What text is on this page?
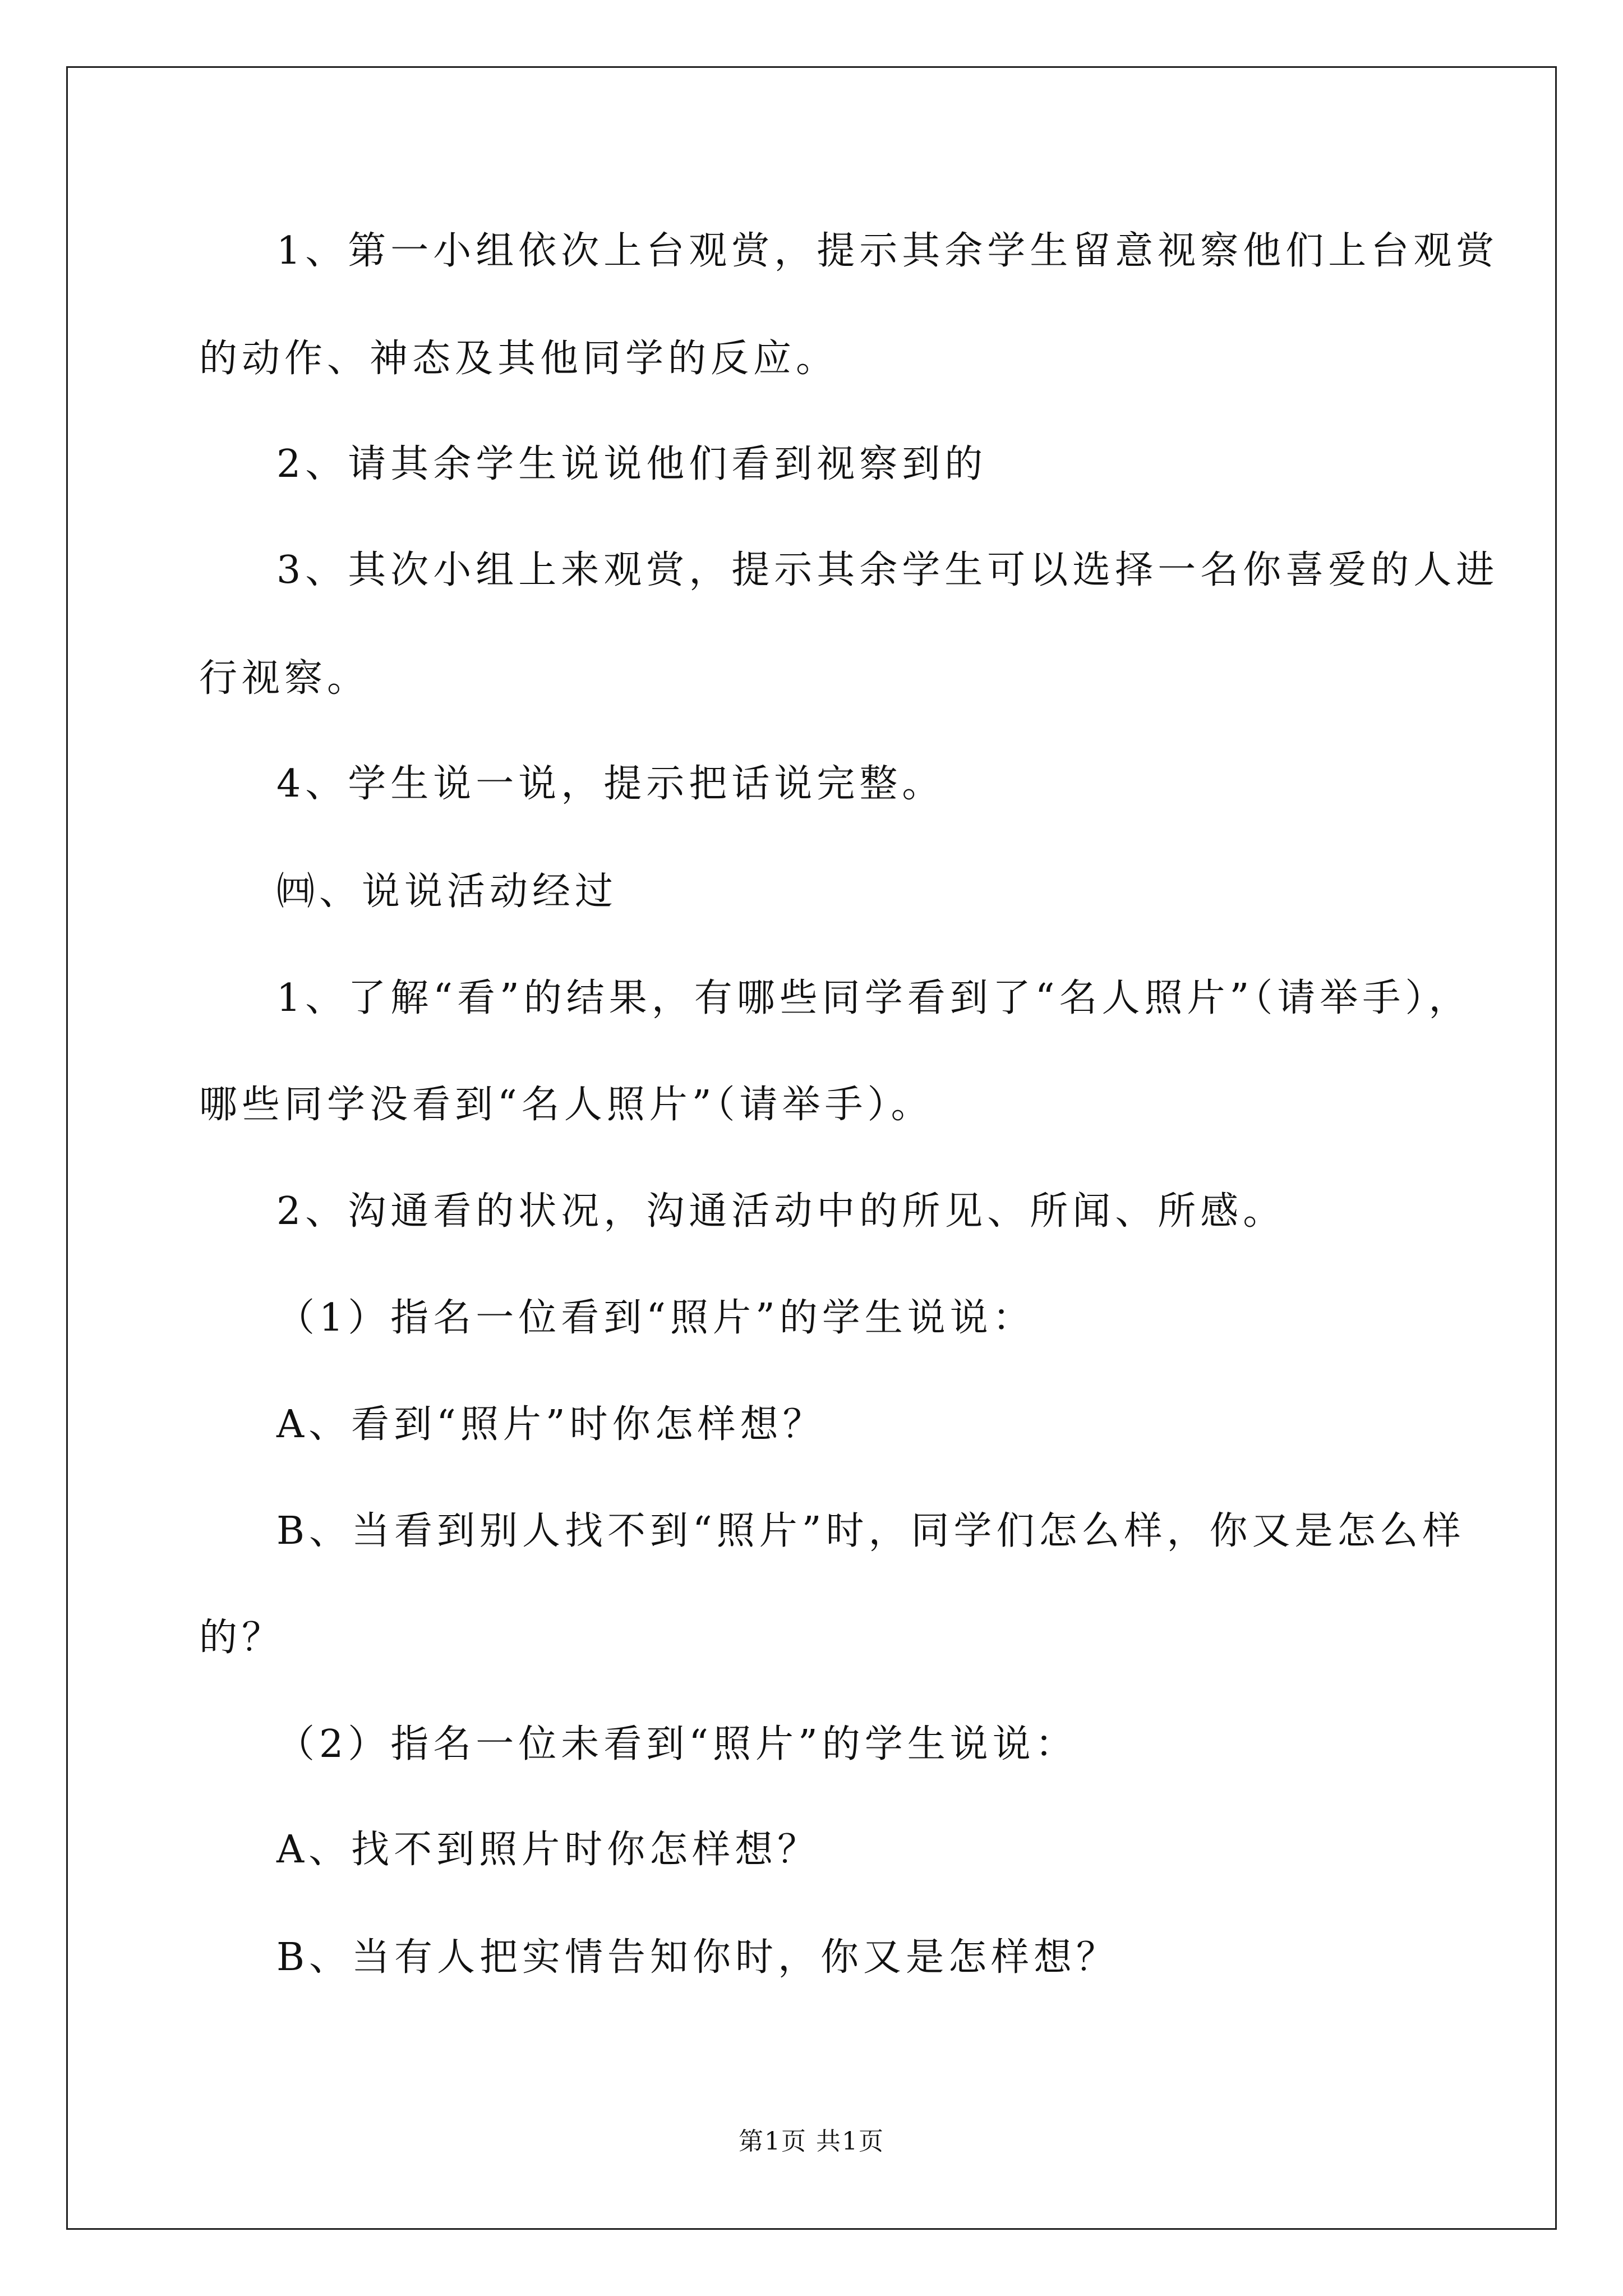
1、第一小组依次上台观赏，提示其余学生留意视察他们上台观赏
的动作、神态及其他同学的反应。
2、请其余学生说说他们看到视察到的
3、其次小组上来观赏，提示其余学生可以选择一名你喜爱的人进
行视察。
4、学生说一说，提示把话说完整。
㈣、说说活动经过
1、了解“看”的结果，有哪些同学看到了“名人照片”（请举手），
哪些同学没看到“名人照片”（请举手）。
2、沟通看的状况，沟通活动中的所见、所闻、所感。
（1）指名一位看到“照片”的学生说说：
A、看到“照片”时你怎样想？
B、当看到别人找不到“照片”时，同学们怎么样，你又是怎么样
的？
（2）指名一位未看到“照片”的学生说说：
A、找不到照片时你怎样想？
B、当有人把实情告知你时，你又是怎样想？
第1页 共1页
